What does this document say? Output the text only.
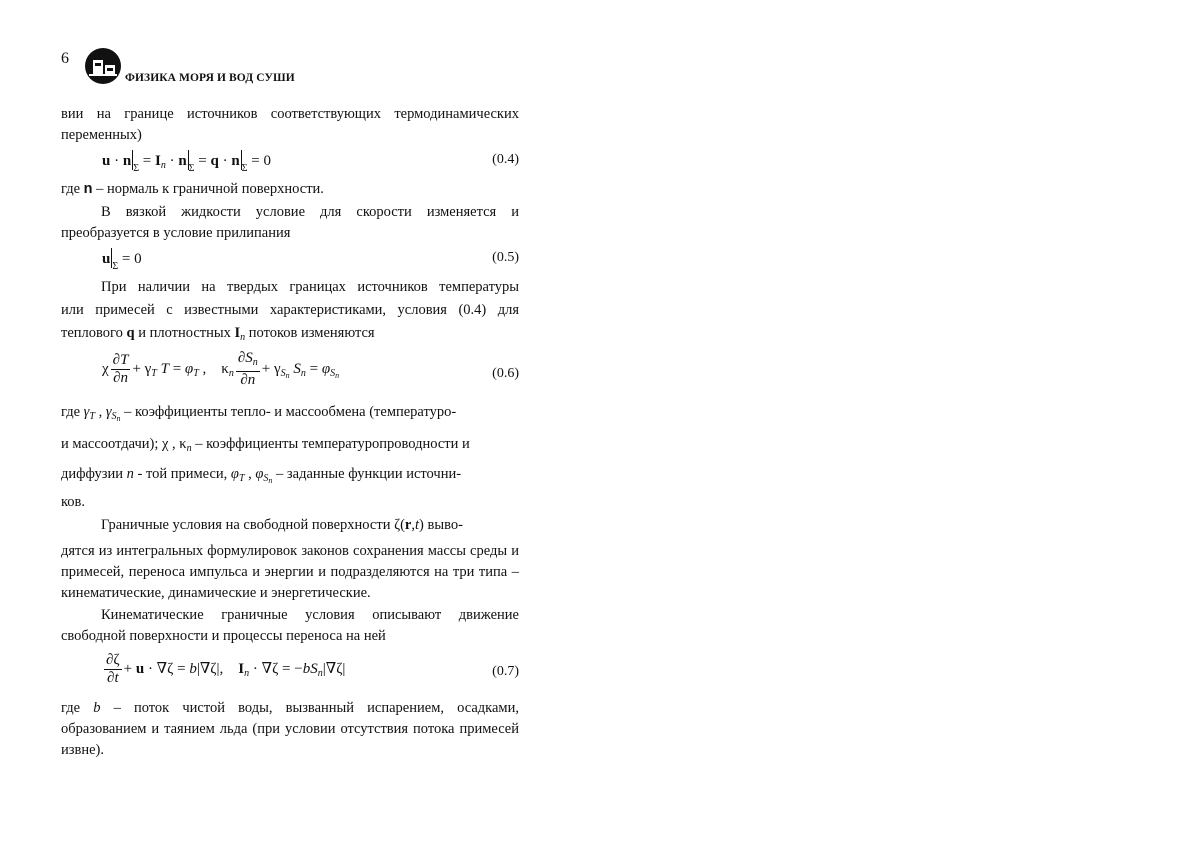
6
ФИЗИКА МОРЯ И ВОД СУШИ
вии на границе источников соответствующих термодинамических
переменных)
u · n $_\Sigma = I_n \cdot n$ $_\Sigma$ = q · n $_\Sigma$ = 0	(0.4)
где n – нормаль к граничной поверхности.
В вязкой жидкости условие для скорости изменяется и преобразуется в условие прилипания
u $_\Sigma$ = 0	(0.5)
При наличии на твердых границах источников температуры
или примесей с известными характеристиками, условия (0.4) для
теплового q и плотностных $I_n$ потоков изменяются
χ $\frac{\partial T}{\partial n} + \gamma_T$ $T = \varphi_T$ ,    $\kappa_n \frac{\partial S_n}{\partial n} + \gamma_{S_n}$ $S_n = \varphi_{S_n}$	(0.6)
где $\gamma_T$ , $\gamma_{S_n}$ – коэффициенты тепло- и массообмена (температуро-
и массоотдачи); χ , $\kappa_n$ – коэффициенты температуропроводности и
диффузии n - той примеси, $\varphi_T$ , $\varphi_{S_n}$ – заданные функции источни-
ков.
Граничные условия на свободной поверхности ζ(r,t) выво-
дятся из интегральных формулировок законов сохранения массы среды и примесей, переноса импульса и энергии и подразделяются на три типа – кинематические, динамические и энергетические.
Кинематические граничные условия описывают движение свободной поверхности и процессы переноса на ней
$\frac{\partial\zeta}{\partial t} + u \cdot \nabla\zeta = b|\nabla\zeta|$,    $I_n \cdot \nabla\zeta = -bS_n|\nabla\zeta|$	(0.7)
где b – поток чистой воды, вызванный испарением, осадками, образованием и таянием льда (при условии отсутствия потока примесей извне).
